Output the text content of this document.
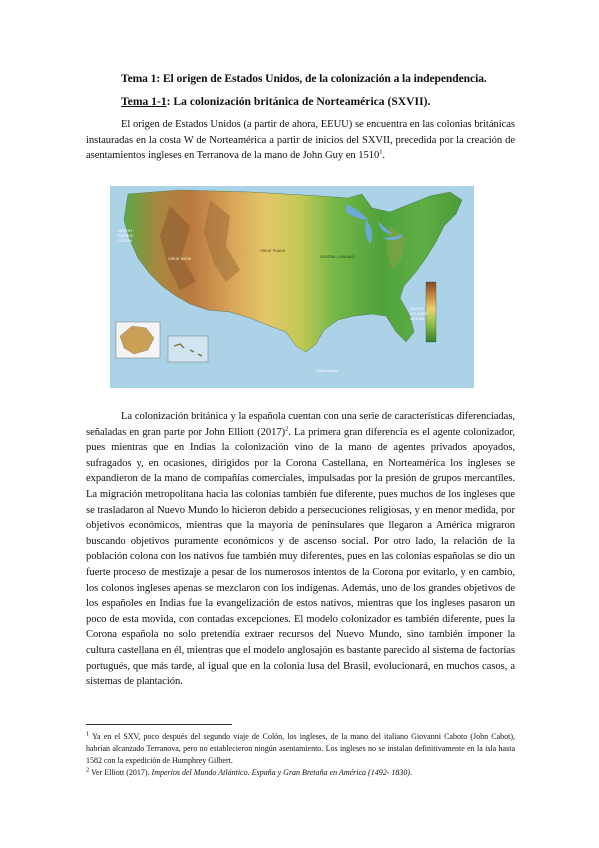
Tema 1: El origen de Estados Unidos, de la colonización a la independencia.
Tema 1-1: La colonización británica de Norteamérica (SXVII).
El origen de Estados Unidos (a partir de ahora, EEUU) se encuentra en las colonias británicas instauradas en la costa W de Norteamérica a partir de inicios del SXVII, precedida por la creación de asentamientos ingleses en Terranova de la mano de John Guy en 1510$^1$.
NORTH
PACIFIC
OCEAN
NORTH
ATLANTIC
OCEAN
Gulf of Mexico
GREAT BASIN
GREAT PLAINS
CENTRAL LOWLAND
La colonización británica y la española cuentan con una serie de características diferenciadas, señaladas en gran parte por John Elliott $(2017)^2$. La primera gran diferencia es el agente colonizador, pues mientras que en Indias la colonización vino de la mano de agentes privados apoyados, sufragados y, en ocasiones, dirigidos por la Corona Castellana, en Norteamérica los ingleses se expandieron de la mano de compañías comerciales, impulsadas por la presión de grupos mercantiles. La migración metropolitana hacia las colonias también fue diferente, pues muchos de los ingleses que se trasladaron al Nuevo Mundo lo hicieron debido a persecuciones religiosas, y en menor medida, por objetivos económicos, mientras que la mayoría de peninsulares que llegaron a América migraron buscando objetivos puramente económicos y de ascenso social. Por otro lado, la relación de la población colona con los nativos fue también muy diferentes, pues en las colonias españolas se dio un fuerte proceso de mestizaje a pesar de los numerosos intentos de la Corona por evitarlo, y en cambio, los colonos ingleses apenas se mezclaron con los indígenas. Además, uno de los grandes objetivos de los españoles en Indias fue la evangelización de estos nativos, mientras que los ingleses pasaron un poco de esta movida, con contadas excepciones. El modelo colonizador es también diferente, pues la Corona española no solo pretendía extraer recursos del Nuevo Mundo, sino también imponer la cultura castellana en él, mientras que el modelo anglosajón es bastante parecido al sistema de factorías portugués, que más tarde, al igual que en la colonia lusa del Brasil, evolucionará, en muchos casos, a sistemas de plantación.
$^1$ Ya en el SXV, poco después del segundo viaje de Colón, los ingleses, de la mano del italiano Giovanni Caboto (John Cabot), habrían alcanzado Terranova, pero no establecieron ningún asentamiento. Los ingleses no se instalan definitivamente en la isla hasta 1582 con la expedición de Humphrey Gilbert.
$^2$ Ver Elliott (2017). Imperios del Mundo Atlántico. España y Gran Bretaña en América (1492- 1830).
